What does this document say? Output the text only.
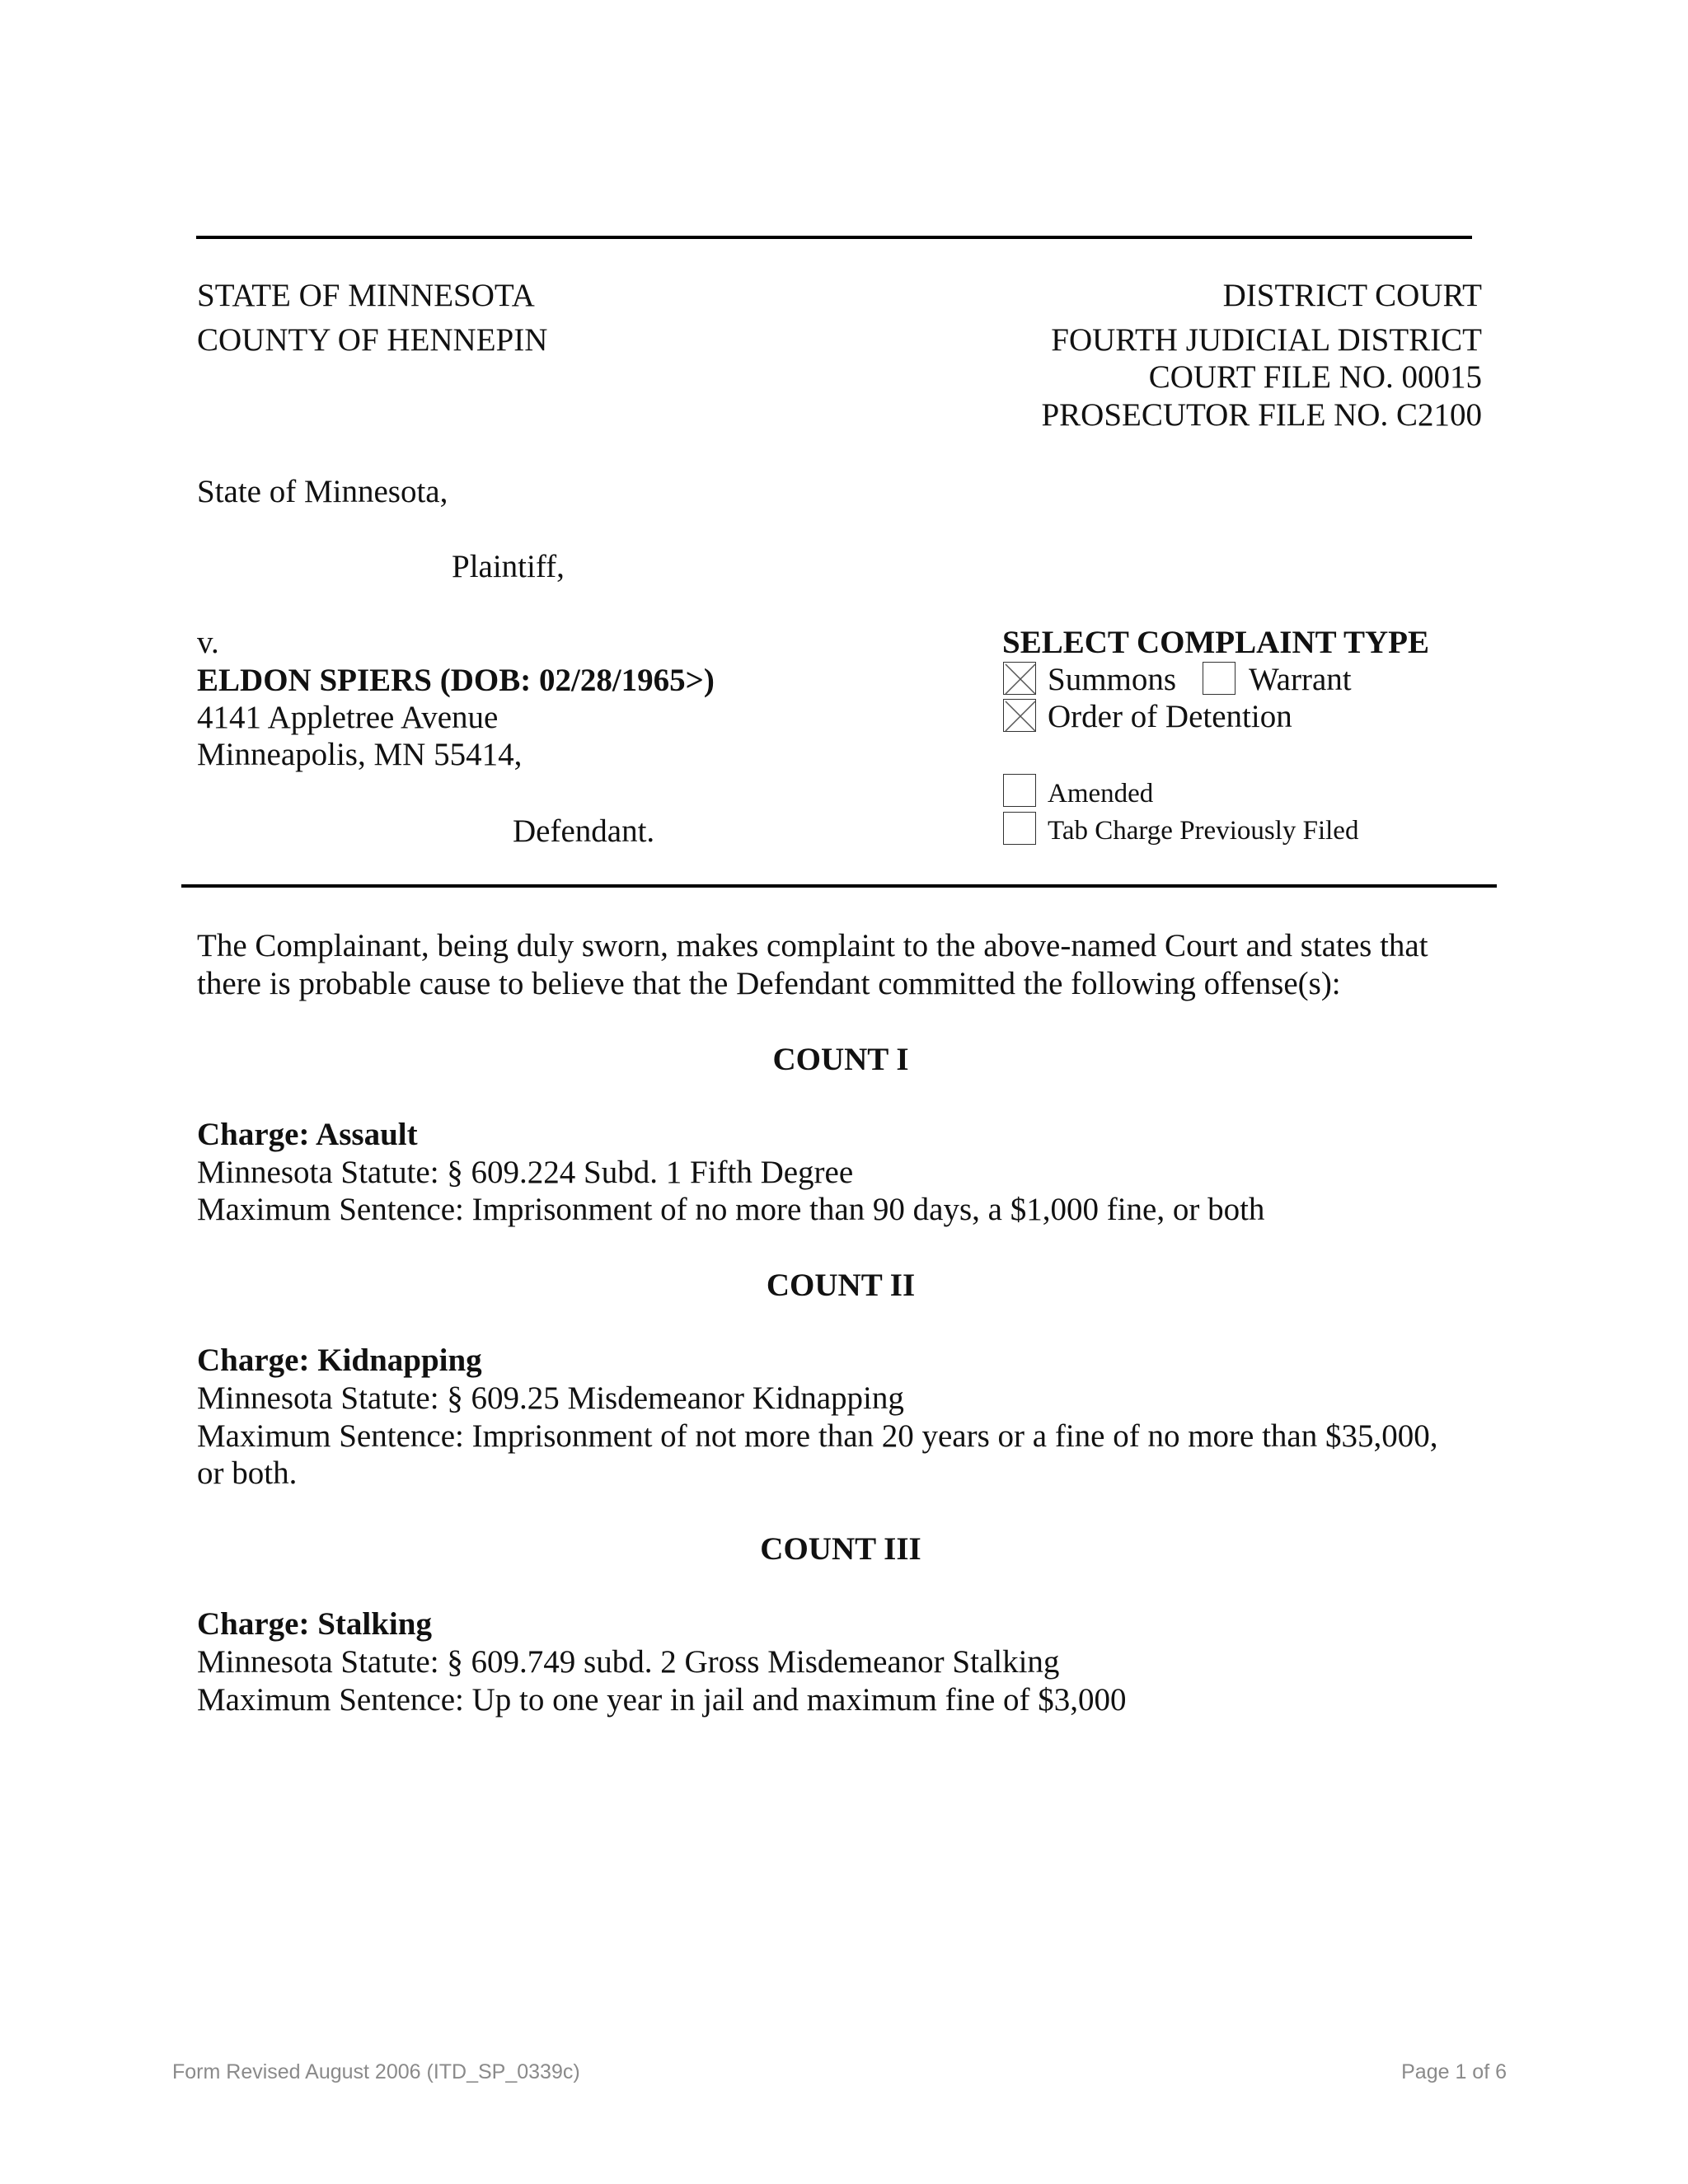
STATE OF MINNESOTA
COUNTY OF HENNEPIN
DISTRICT COURT
FOURTH JUDICIAL DISTRICT
COURT FILE NO. 00015
PROSECUTOR FILE NO. C2100
State of Minnesota,
Plaintiff,
v.
ELDON SPIERS (DOB: 02/28/1965>)
4141 Appletree Avenue
Minneapolis, MN 55414,
Defendant.
SELECT COMPLAINT TYPE
Summons Warrant
Order of Detention
Amended
Tab Charge Previously Filed
The Complainant, being duly sworn, makes complaint to the above-named Court and states that
there is probable cause to believe that the Defendant committed the following offense(s):
COUNT I
Charge: Assault
Minnesota Statute: § 609.224 Subd. 1 Fifth Degree
Maximum Sentence: Imprisonment of no more than 90 days, a $1,000 fine, or both
COUNT II
Charge: Kidnapping
Minnesota Statute: § 609.25 Misdemeanor Kidnapping
Maximum Sentence: Imprisonment of not more than 20 years or a fine of no more than $35,000,
or both.
COUNT III
Charge: Stalking
Minnesota Statute: § 609.749 subd. 2 Gross Misdemeanor Stalking
Maximum Sentence: Up to one year in jail and maximum fine of $3,000
Form Revised August 2006 (ITD_SP_0339c)	Page 1 of 6
